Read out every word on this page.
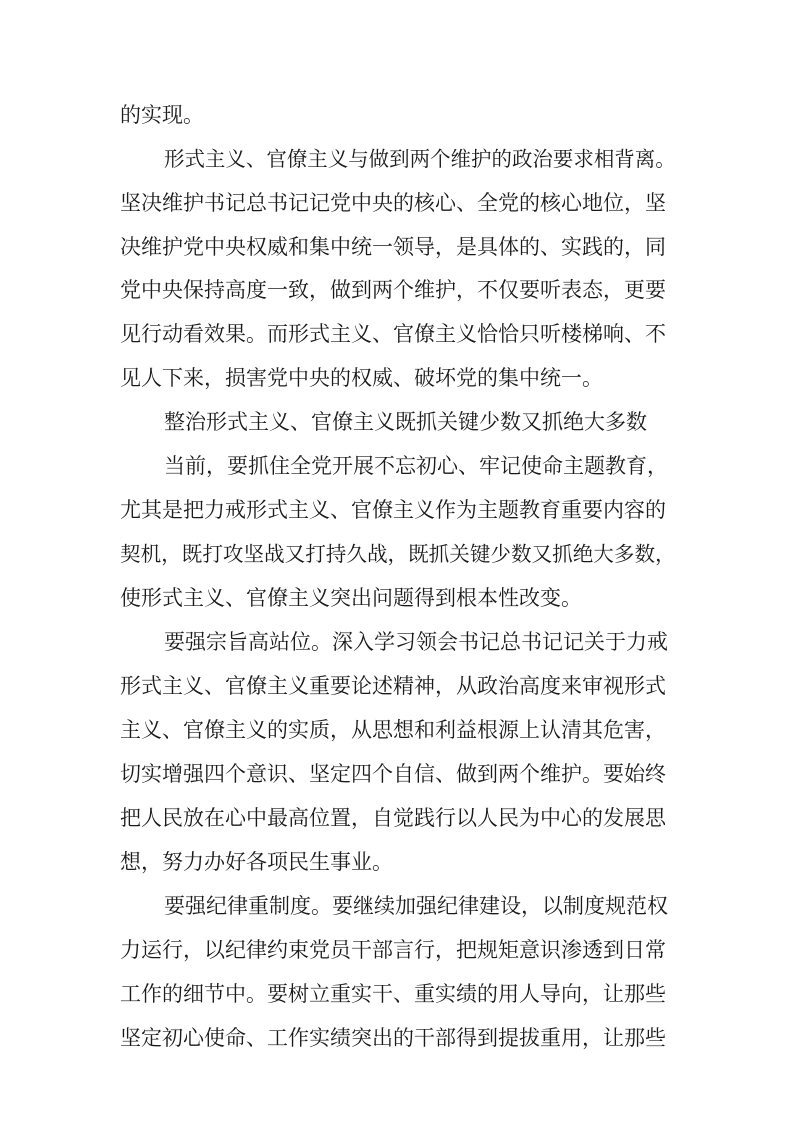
的实现。
形式主义、官僚主义与做到两个维护的政治要求相背离。
坚决维护书记总书记记党中央的核心、全党的核心地位，坚
决维护党中央权威和集中统一领导，是具体的、实践的，同
党中央保持高度一致，做到两个维护，不仅要听表态，更要
见行动看效果。而形式主义、官僚主义恰恰只听楼梯响、不
见人下来，损害党中央的权威、破坏党的集中统一。
整治形式主义、官僚主义既抓关键少数又抓绝大多数
当前，要抓住全党开展不忘初心、牢记使命主题教育，
尤其是把力戒形式主义、官僚主义作为主题教育重要内容的
契机，既打攻坚战又打持久战，既抓关键少数又抓绝大多数，
使形式主义、官僚主义突出问题得到根本性改变。
要强宗旨高站位。深入学习领会书记总书记记关于力戒
形式主义、官僚主义重要论述精神，从政治高度来审视形式
主义、官僚主义的实质，从思想和利益根源上认清其危害，
切实增强四个意识、坚定四个自信、做到两个维护。要始终
把人民放在心中最高位置，自觉践行以人民为中心的发展思
想，努力办好各项民生事业。
要强纪律重制度。要继续加强纪律建设，以制度规范权
力运行，以纪律约束党员干部言行，把规矩意识渗透到日常
工作的细节中。要树立重实干、重实绩的用人导向，让那些
坚定初心使命、工作实绩突出的干部得到提拔重用，让那些
